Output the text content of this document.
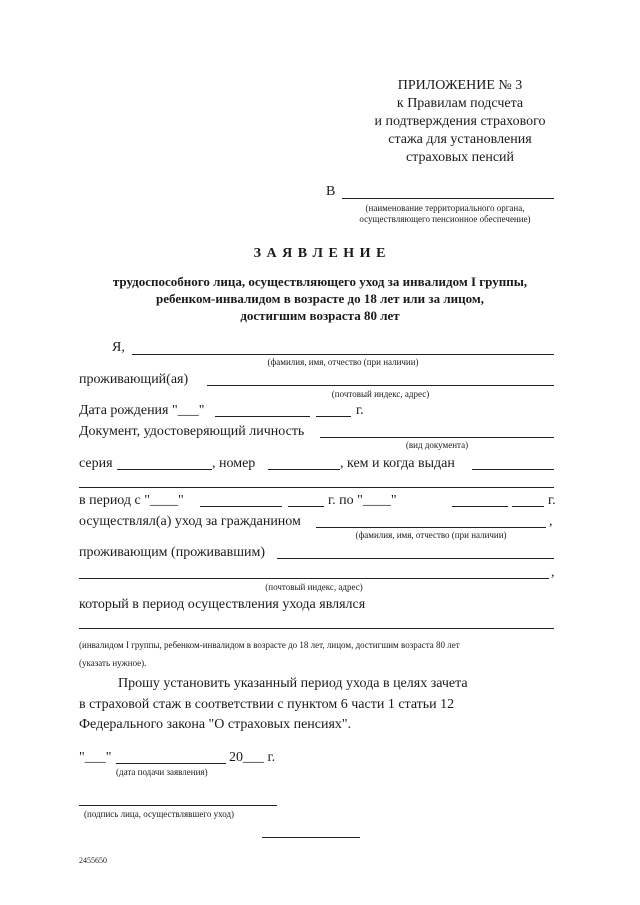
ПРИЛОЖЕНИЕ № 3
к Правилам подсчета
и подтверждения страхового
стажа для установления
страховых пенсий
В
(наименование территориального органа,
осуществляющего пенсионное обеспечение)
З А Я В Л Е Н И Е
трудоспособного лица, осуществляющего уход за инвалидом I группы,
ребенком-инвалидом в возрасте до 18 лет или за лицом,
достигшим возраста 80 лет
Я,
(фамилия, имя, отчество (при наличии)
проживающий(ая)
(почтовый индекс, адрес)
Дата рождения "___"	г.
Документ, удостоверяющий личность
(вид документа)
серия	, номер	, кем и когда выдан
в период с "____"	г. по "____"	г.
осуществлял(а) уход за гражданином	,
(фамилия, имя, отчество (при наличии)
проживающим (проживавшим)
,
(почтовый индекс, адрес)
который в период осуществления ухода являлся
(инвалидом I группы, ребенком-инвалидом в возрасте до 18 лет, лицом, достигшим возраста 80 лет
(указать нужное).
Прошу установить указанный период ухода в целях зачета
в страховой стаж в соответствии с пунктом 6 части 1 статьи 12
Федерального закона "О страховых пенсиях".
"___"	20___ г.
(дата подачи заявления)
(подпись лица, осуществлявшего уход)
2455650
